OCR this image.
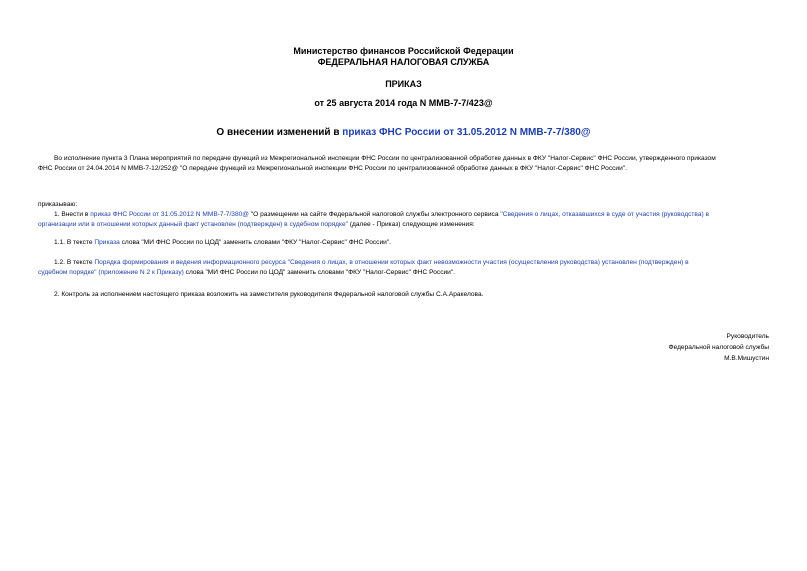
Министерство финансов Российской Федерации
ФЕДЕРАЛЬНАЯ НАЛОГОВАЯ СЛУЖБА
ПРИКАЗ
от 25 августа 2014 года N ММВ-7-7/423@
О внесении изменений в приказ ФНС России от 31.05.2012 N ММВ-7-7/380@
Во исполнение пункта 3 Плана мероприятий по передаче функций из Межрегиональной инспекции ФНС России по централизованной обработке данных в ФКУ "Налог-Сервис" ФНС России, утвержденного приказом
ФНС России от 24.04.2014 N ММВ-7-12/252@ "О передаче функций из Межрегиональной инспекции ФНС России по централизованной обработке данных в ФКУ "Налог-Сервис" ФНС России".
приказываю:
1. Внести в приказ ФНС России от 31.05.2012 N ММВ-7-7/380@ "О размещении на сайте Федеральной налоговой службы электронного сервиса "Сведения о лицах, отказавшихся в суде от участия (руководства) в
организации или в отношении которых данный факт установлен (подтвержден) в судебном порядке" (далее - Приказ) следующие изменения:
1.1. В тексте Приказа слова "МИ ФНС России по ЦОД" заменить словами "ФКУ "Налог-Сервис" ФНС России".
1.2. В тексте Порядка формирования и ведения информационного ресурса "Сведения о лицах, в отношении которых факт невозможности участия (осуществления руководства) установлен (подтвержден) в
судебном порядке" (приложение N 2 к Приказу) слова "МИ ФНС России по ЦОД" заменить словами "ФКУ "Налог-Сервис" ФНС России".
2. Контроль за исполнением настоящего приказа возложить на заместителя руководителя Федеральной налоговой службы С.А.Аракелова.
Руководитель
Федеральной налоговой службы
М.В.Мишустин
